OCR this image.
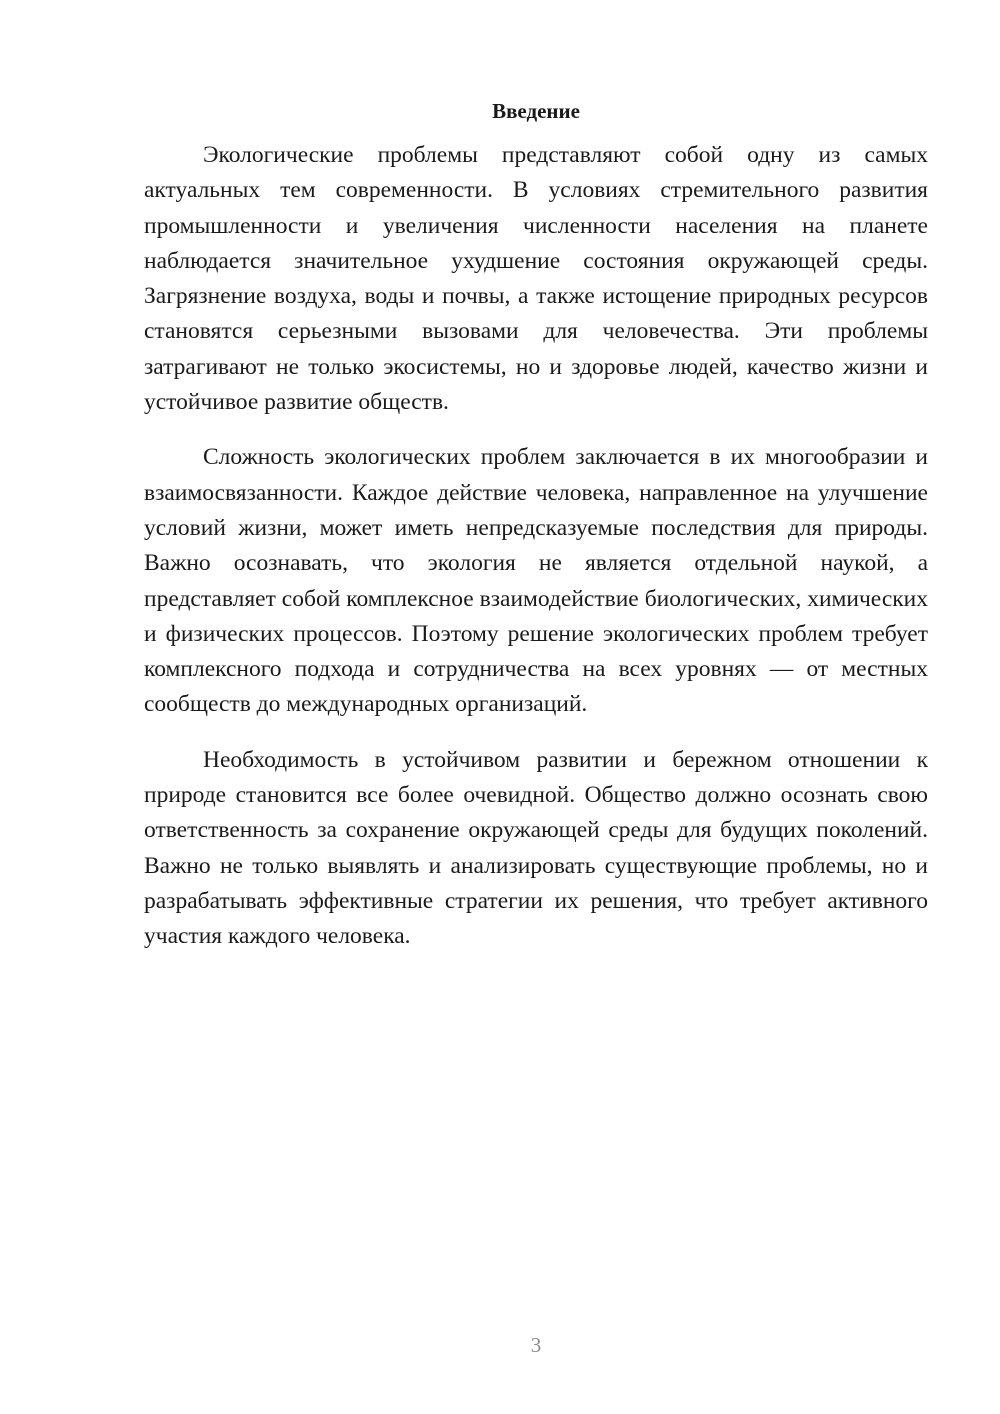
Введение

Экологические проблемы представляют собой одну из самых актуальных тем современности. В условиях стремительного развития промышленности и увеличения численности населения на планете наблюдается значительное ухудшение состояния окружающей среды. Загрязнение воздуха, воды и почвы, а также истощение природных ресурсов становятся серьезными вызовами для человечества. Эти проблемы затрагивают не только экосистемы, но и здоровье людей, качество жизни и устойчивое развитие обществ.

Сложность экологических проблем заключается в их многообразии и взаимосвязанности. Каждое действие человека, направленное на улучшение условий жизни, может иметь непредсказуемые последствия для природы. Важно осознавать, что экология не является отдельной наукой, а представляет собой комплексное взаимодействие биологических, химических и физических процессов. Поэтому решение экологических проблем требует комплексного подхода и сотрудничества на всех уровнях — от местных сообществ до международных организаций.

Необходимость в устойчивом развитии и бережном отношении к природе становится все более очевидной. Общество должно осознать свою ответственность за сохранение окружающей среды для будущих поколений. Важно не только выявлять и анализировать существующие проблемы, но и разрабатывать эффективные стратегии их решения, что требует активного участия каждого человека.

3
